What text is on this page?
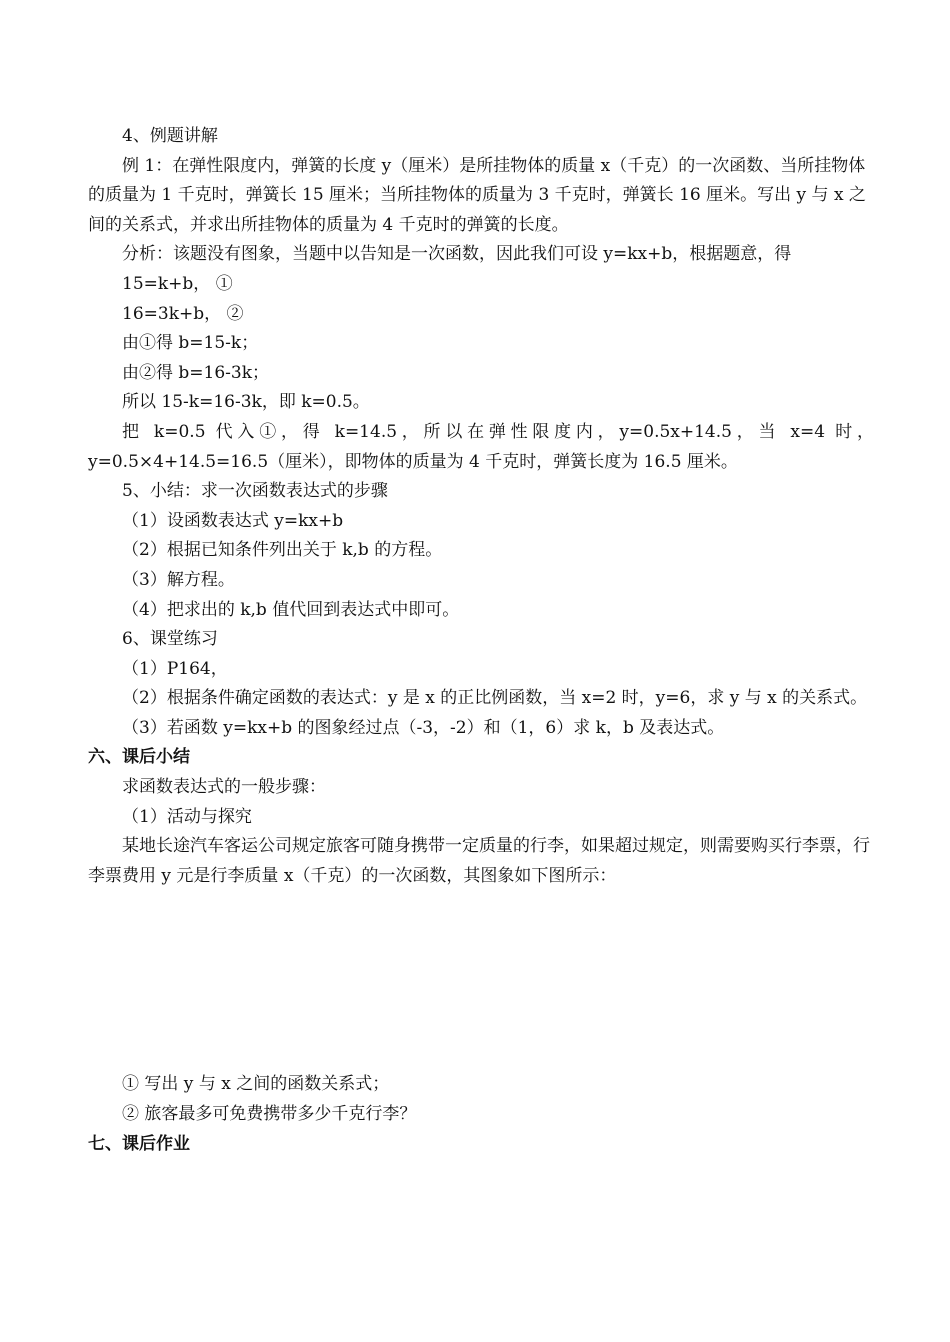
4、例题讲解

例 1：在弹性限度内，弹簧的长度 y（厘米）是所挂物体的质量 x（千克）的一次函数、当所挂物体的质量为 1 千克时，弹簧长 15 厘米；当所挂物体的质量为 3 千克时，弹簧长 16 厘米。写出 y 与 x 之间的关系式，并求出所挂物体的质量为 4 千克时的弹簧的长度。

分析：该题没有图象，当题中以告知是一次函数，因此我们可设 y=kx+b，根据题意，得

15=k+b， ①

16=3k+b， ②

由①得 b=15-k；

由②得 b=16-3k；

所以 15-k=16-3k，即 k=0.5。

把 k=0.5 代入①，得 k=14.5，所以在弹性限度内，y=0.5x+14.5，当 x=4 时，y=0.5×4+14.5=16.5（厘米），即物体的质量为 4 千克时，弹簧长度为 16.5 厘米。

5、小结：求一次函数表达式的步骤

（1）设函数表达式 y=kx+b

（2）根据已知条件列出关于 k,b 的方程。

（3）解方程。

（4）把求出的 k,b 值代回到表达式中即可。

6、课堂练习

（1）P164，

（2）根据条件确定函数的表达式：y 是 x 的正比例函数，当 x=2 时，y=6，求 y 与 x 的关系式。

（3）若函数 y=kx+b 的图象经过点（-3，-2）和（1，6）求 k，b 及表达式。

六、课后小结

求函数表达式的一般步骤：

（1）活动与探究

某地长途汽车客运公司规定旅客可随身携带一定质量的行李，如果超过规定，则需要购买行李票，行李票费用 y 元是行李质量 x（千克）的一次函数，其图象如下图所示：

① 写出 y 与 x 之间的函数关系式；

② 旅客最多可免费携带多少千克行李？

七、课后作业
